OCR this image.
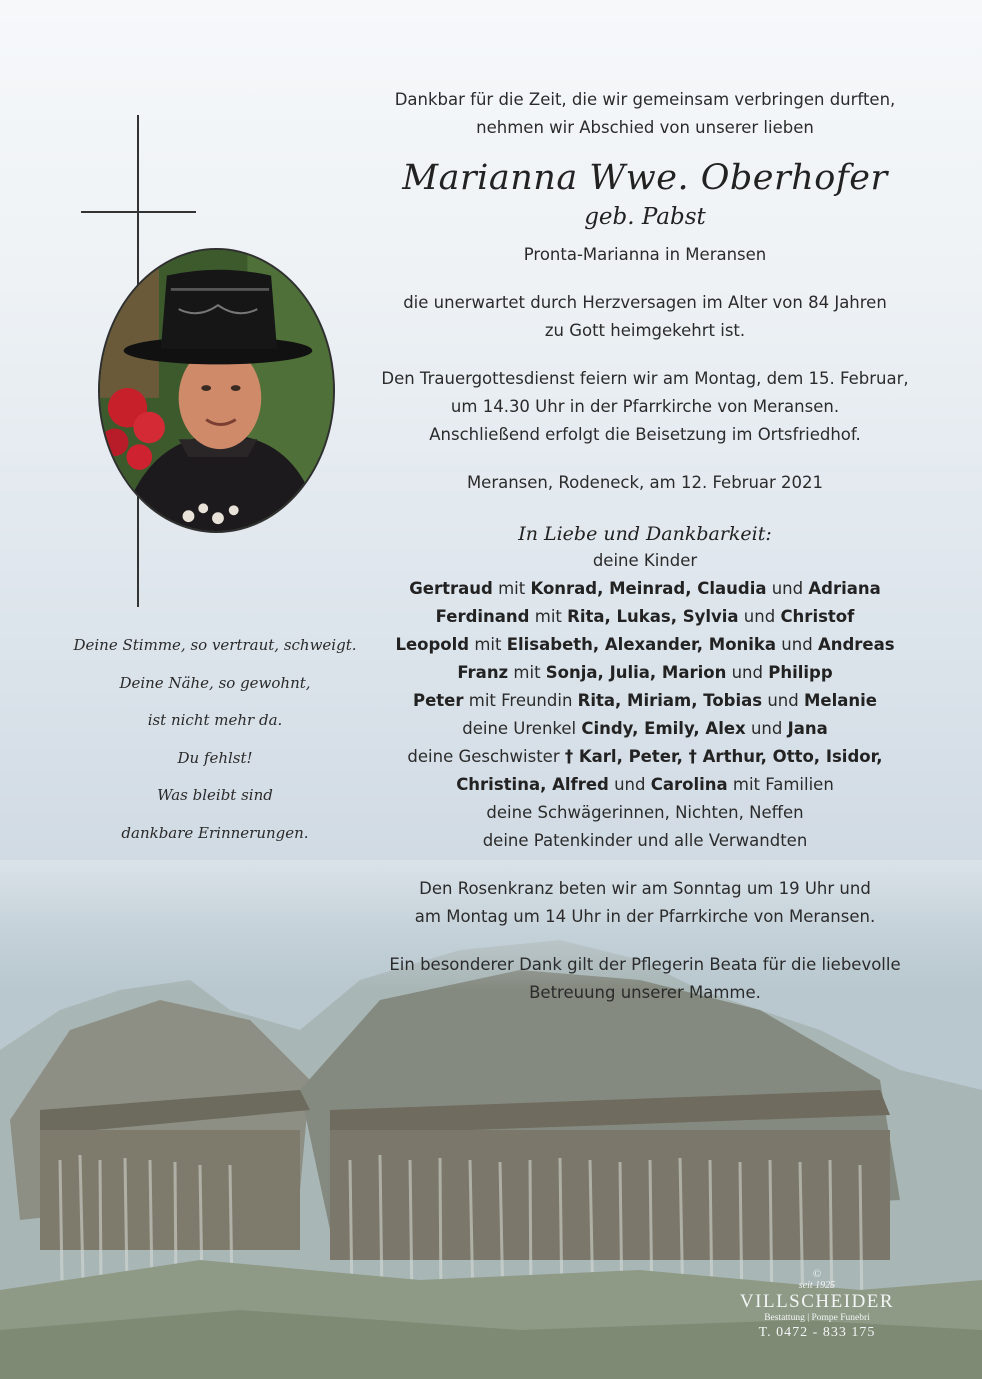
Deine Stimme, so vertraut, schweigt.
Deine Nähe, so gewohnt,
ist nicht mehr da.
Du fehlst!
Was bleibt sind
dankbare Erinnerungen.
Dankbar für die Zeit, die wir gemeinsam verbringen durften,
nehmen wir Abschied von unserer lieben
Marianna Wwe. Oberhofer
geb. Pabst
Pronta-Marianna in Meransen
die unerwartet durch Herzversagen im Alter von 84 Jahren
zu Gott heimgekehrt ist.
Den Trauergottesdienst feiern wir am Montag, dem 15. Februar,
um 14.30 Uhr in der Pfarrkirche von Meransen.
Anschließend erfolgt die Beisetzung im Ortsfriedhof.
Meransen, Rodeneck, am 12. Februar 2021
In Liebe und Dankbarkeit:
deine Kinder
Gertraud mit Konrad, Meinrad, Claudia und Adriana
Ferdinand mit Rita, Lukas, Sylvia und Christof
Leopold mit Elisabeth, Alexander, Monika und Andreas
Franz mit Sonja, Julia, Marion und Philipp
Peter mit Freundin Rita, Miriam, Tobias und Melanie
deine Urenkel Cindy, Emily, Alex und Jana
deine Geschwister † Karl, Peter, † Arthur, Otto, Isidor,
Christina, Alfred und Carolina mit Familien
deine Schwägerinnen, Nichten, Neffen
deine Patenkinder und alle Verwandten
Den Rosenkranz beten wir am Sonntag um 19 Uhr und
am Montag um 14 Uhr in der Pfarrkirche von Meransen.
Ein besonderer Dank gilt der Pflegerin Beata für die liebevolle
Betreuung unserer Mamme.
©
seit 1925
VILLSCHEIDER
Bestattung | Pompe Funebri
T. 0472 - 833 175
